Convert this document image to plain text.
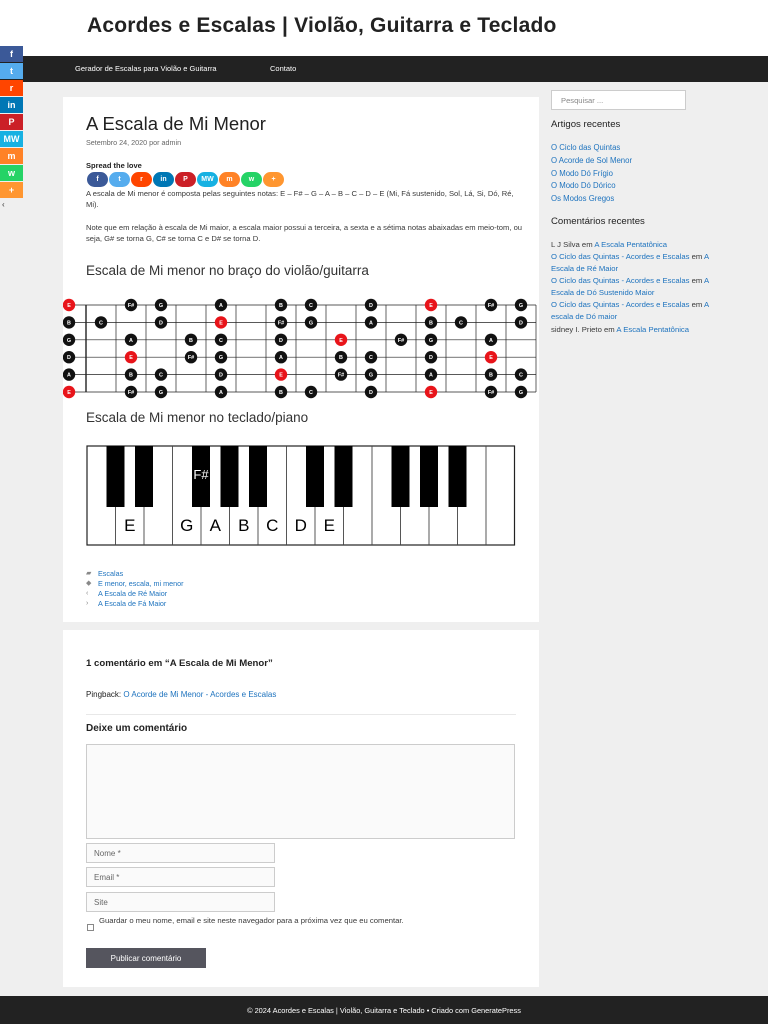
Acordes e Escalas | Violão, Guitarra e Teclado
Gerador de Escalas para Violão e Guitarra	Contato
f
t
r
in
P
MW
m
w
+
‹
A Escala de Mi Menor
Setembro 24, 2020 por admin
Spread the love
f	t	r	in	P	MW	m	w	+

A escala de Mi menor é composta pelas seguintes notas: E – F# – G – A – B – C – D – E (Mi, Fá sustenido, Sol, Lá, Si, Dó, Ré, Mi).

Note que em relação à escala de Mi maior, a escala maior possui a terceira, a sexta e a sétima notas abaixadas em meio-tom, ou seja, G# se torna G, C# se torna C e D# se torna D.

Escala de Mi menor no braço do violão/guitarra
E	F#	G	A	B	C	D	E	F#	G
B	C	D	E	F#	G	A	B	C	D
G	A	B	C	D	E	F#	G	A
D	E	F#	G	A	B	C	D	E
A	B	C	D	E	F#	G	A	B	C
E	F#	G	A	B	C	D	E	F#	G
Escala de Mi menor no teclado/piano
F#
E	G A B C D E
▰ Escalas
◆ E menor, escala, mi menor
‹	A Escala de Ré Maior
›	A Escala de Fá Maior
1 comentário em “A Escala de Mi Menor”
Pingback: O Acorde de Mi Menor - Acordes e Escalas
Deixe um comentário
Nome *
Email *
Site
Guardar o meu nome, email e site neste navegador para a próxima vez que eu comentar.
Publicar comentário
Pesquisar ...
Artigos recentes
O Ciclo das Quintas
O Acorde de Sol Menor
O Modo Dó Frígio
O Modo Dó Dórico
Os Modos Gregos
Comentários recentes
L J Silva em A Escala Pentatônica
O Ciclo das Quintas - Acordes e Escalas em A Escala de Ré Maior
O Ciclo das Quintas - Acordes e Escalas em A Escala de Dó Sustenido Maior
O Ciclo das Quintas - Acordes e Escalas em A escala de Dó maior
sidney I. Prieto em A Escala Pentatônica
© 2024 Acordes e Escalas | Violão, Guitarra e Teclado • Criado com GeneratePress
